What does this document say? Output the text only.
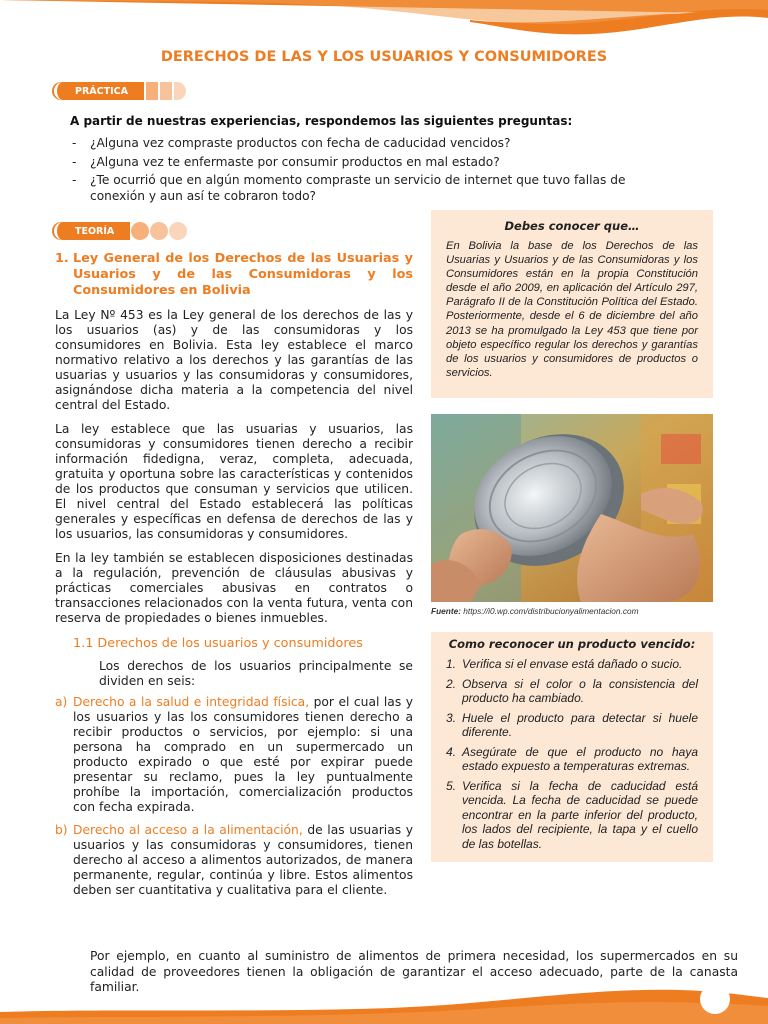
DERECHOS DE LAS Y LOS USUARIOS Y CONSUMIDORES
PRÁCTICA

A partir de nuestras experiencias, respondemos las siguientes preguntas:

- ¿Alguna vez compraste productos con fecha de caducidad vencidos?
- ¿Alguna vez te enfermaste por consumir productos en mal estado?
- ¿Te ocurrió que en algún momento compraste un servicio de internet que tuvo fallas de conexión y aun así te cobraron todo?
TEORÍA
1. Ley General de los Derechos de las Usuarias y Usuarios y de las Consumidoras y los Consumidores en Bolivia

La Ley Nº 453 es la Ley general de los derechos de las y los usuarios (as) y de las consumidoras y los consumidores en Bolivia. Esta ley establece el marco normativo relativo a los derechos y las garantías de las usuarias y usuarios y las consumidoras y consumidores, asignándose dicha materia a la competencia del nivel central del Estado.

La ley establece que las usuarias y usuarios, las consumidoras y consumidores tienen derecho a recibir información fidedigna, veraz, completa, adecuada, gratuita y oportuna sobre las características y contenidos de los productos que consuman y servicios que utilicen. El nivel central del Estado establecerá las políticas generales y específicas en defensa de derechos de las y los usuarios, las consumidoras y consumidores.

En la ley también se establecen disposiciones destinadas a la regulación, prevención de cláusulas abusivas y prácticas comerciales abusivas en contratos o transacciones relacionados con la venta futura, venta con reserva de propiedades o bienes inmuebles.

1.1 Derechos de los usuarios y consumidores

Los derechos de los usuarios principalmente se dividen en seis:

a) Derecho a la salud e integridad física, por el cual las y los usuarios y las los consumidores tienen derecho a recibir productos o servicios, por ejemplo: si una persona ha comprado en un supermercado un producto expirado o que esté por expirar puede presentar su reclamo, pues la ley puntualmente prohíbe la importación, comercialización productos con fecha expirada.

b) Derecho al acceso a la alimentación, de las usuarias y usuarios y las consumidoras y consumidores, tienen derecho al acceso a alimentos autorizados, de manera permanente, regular, continúa y libre. Estos alimentos deben ser cuantitativa y cualitativa para el cliente.

Por ejemplo, en cuanto al suministro de alimentos de primera necesidad, los supermercados en su calidad de proveedores tienen la obligación de garantizar el acceso adecuado, parte de la canasta familiar.

Debes conocer que…

En Bolivia la base de los Derechos de las Usuarias y Usuarios y de las Consumidoras y los Consumidores están en la propia Constitución desde el año 2009, en aplicación del Artículo 297, Parágrafo II de la Constitución Política del Estado. Posteriormente, desde el 6 de diciembre del año 2013 se ha promulgado la Ley 453 que tiene por objeto específico regular los derechos y garantías de los usuarios y consumidores de productos o servicios.

Fuente: https://i0.wp.com/distribucionyalimentacion.com

Como reconocer un producto vencido:
1. Verifica si el envase está dañado o sucio.
2. Observa si el color o la consistencia del producto ha cambiado.
3. Huele el producto para detectar si huele diferente.
4. Asegúrate de que el producto no haya estado expuesto a temperaturas extremas.
5. Verifica si la fecha de caducidad está vencida. La fecha de caducidad se puede encontrar en la parte inferior del producto, los lados del recipiente, la tapa y el cuello de las botellas.
